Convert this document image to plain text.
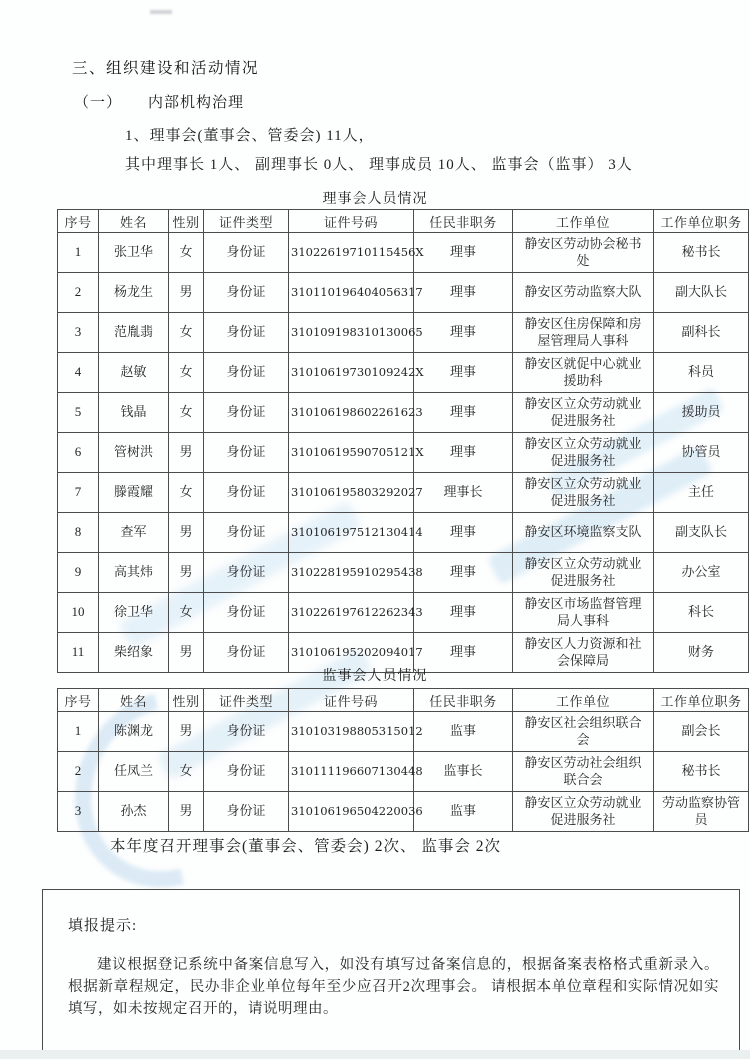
三、组织建设和活动情况
（一） 内部机构治理
1、理事会(董事会、管委会) 11人，
其中理事长 1人、 副理事长 0人、 理事成员 10人、 监事会（监事） 3人
理事会人员情况
序号	姓名	性别	证件类型	证件号码	任民非职务	工作单位	工作单位职务
1	张卫华	女	身份证	31022619710115456X	理事	静安区劳动协会秘书处	秘书长
2	杨龙生	男	身份证	310110196404056317	理事	静安区劳动监察大队	副大队长
3	范胤翡	女	身份证	310109198310130065	理事	静安区住房保障和房屋管理局人事科	副科长
4	赵敏	女	身份证	31010619730109242X	理事	静安区就促中心就业援助科	科员
5	钱晶	女	身份证	310106198602261623	理事	静安区立众劳动就业促进服务社	援助员
6	管树洪	男	身份证	31010619590705121X	理事	静安区立众劳动就业促进服务社	协管员
7	滕霞耀	女	身份证	310106195803292027	理事长	静安区立众劳动就业促进服务社	主任
8	查军	男	身份证	310106197512130414	理事	静安区环境监察支队	副支队长
9	高其炜	男	身份证	310228195910295438	理事	静安区立众劳动就业促进服务社	办公室
10	徐卫华	女	身份证	310226197612262343	理事	静安区市场监督管理局人事科	科长
11	柴绍象	男	身份证	310106195202094017	理事	静安区人力资源和社会保障局	财务
监事会人员情况
序号	姓名	性别	证件类型	证件号码	任民非职务	工作单位	工作单位职务
1	陈渊龙	男	身份证	310103198805315012	监事	静安区社会组织联合会	副会长
2	任凤兰	女	身份证	310111196607130448	监事长	静安区劳动社会组织联合会	秘书长
3	孙杰	男	身份证	310106196504220036	监事	静安区立众劳动就业促进服务社	劳动监察协管员
本年度召开理事会(董事会、管委会) 2次、 监事会 2次
填报提示:
建议根据登记系统中备案信息写入，如没有填写过备案信息的，根据备案表格格式重新录入。根据新章程规定，民办非企业单位每年至少应召开2次理事会。 请根据本单位章程和实际情况如实填写，如未按规定召开的，请说明理由。
